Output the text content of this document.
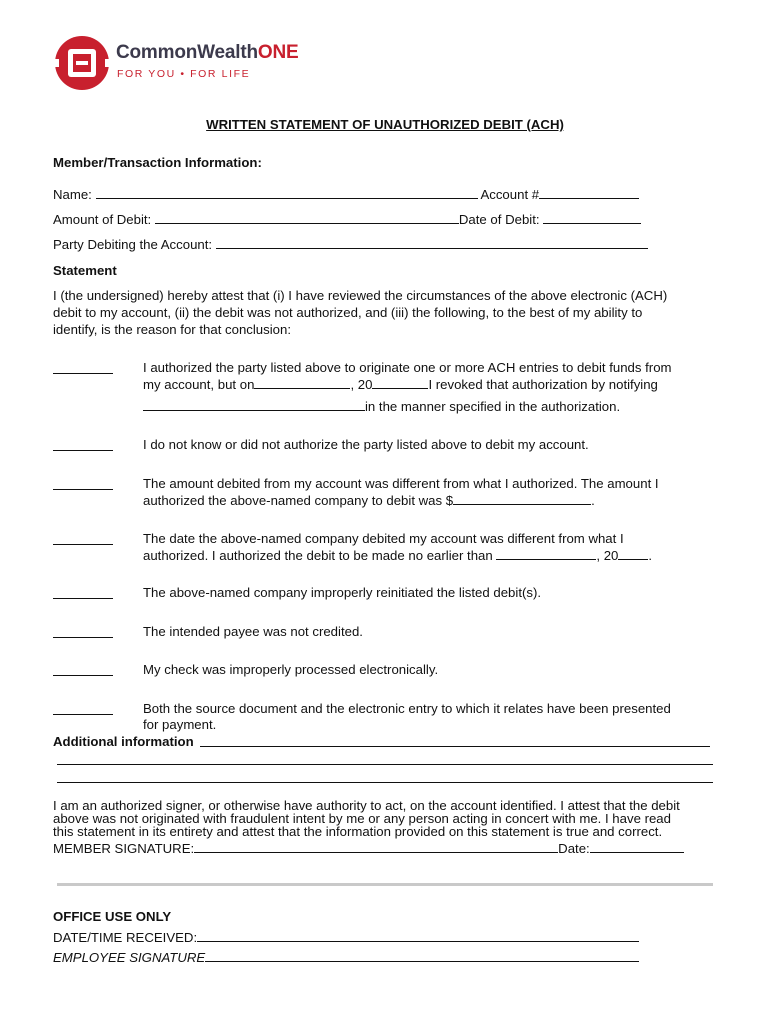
CommonWealthONE
FOR YOU • FOR LIFE
WRITTEN STATEMENT OF UNAUTHORIZED DEBIT (ACH)
Member/Transaction Information:
Name:	Account #
Amount of Debit:	Date of Debit:
Party Debiting the Account:
Statement
I (the undersigned) hereby attest that (i) I have reviewed the circumstances of the above electronic (ACH)
debit to my account, (ii) the debit was not authorized, and (iii) the following, to the best of my ability to
identify, is the reason for that conclusion:
I authorized the party listed above to originate one or more ACH entries to debit funds from
my account, but on	, 20	I revoked that authorization by notifying
in the manner specified in the authorization.
I do not know or did not authorize the party listed above to debit my account.
The amount debited from my account was different from what I authorized. The amount I
authorized the above-named company to debit was $	.
The date the above-named company debited my account was different from what I
authorized. I authorized the debit to be made no earlier than	, 20 .
The above-named company improperly reinitiated the listed debit(s).
The intended payee was not credited.
My check was improperly processed electronically.
Both the source document and the electronic entry to which it relates have been presented
for payment.
Additional information
I am an authorized signer, or otherwise have authority to act, on the account identified. I attest that the debit
above was not originated with fraudulent intent by me or any person acting in concert with me. I have read
this statement in its entirety and attest that the information provided on this statement is true and correct.
MEMBER SIGNATURE:	Date:
OFFICE USE ONLY
DATE/TIME RECEIVED:
EMPLOYEE SIGNATURE
